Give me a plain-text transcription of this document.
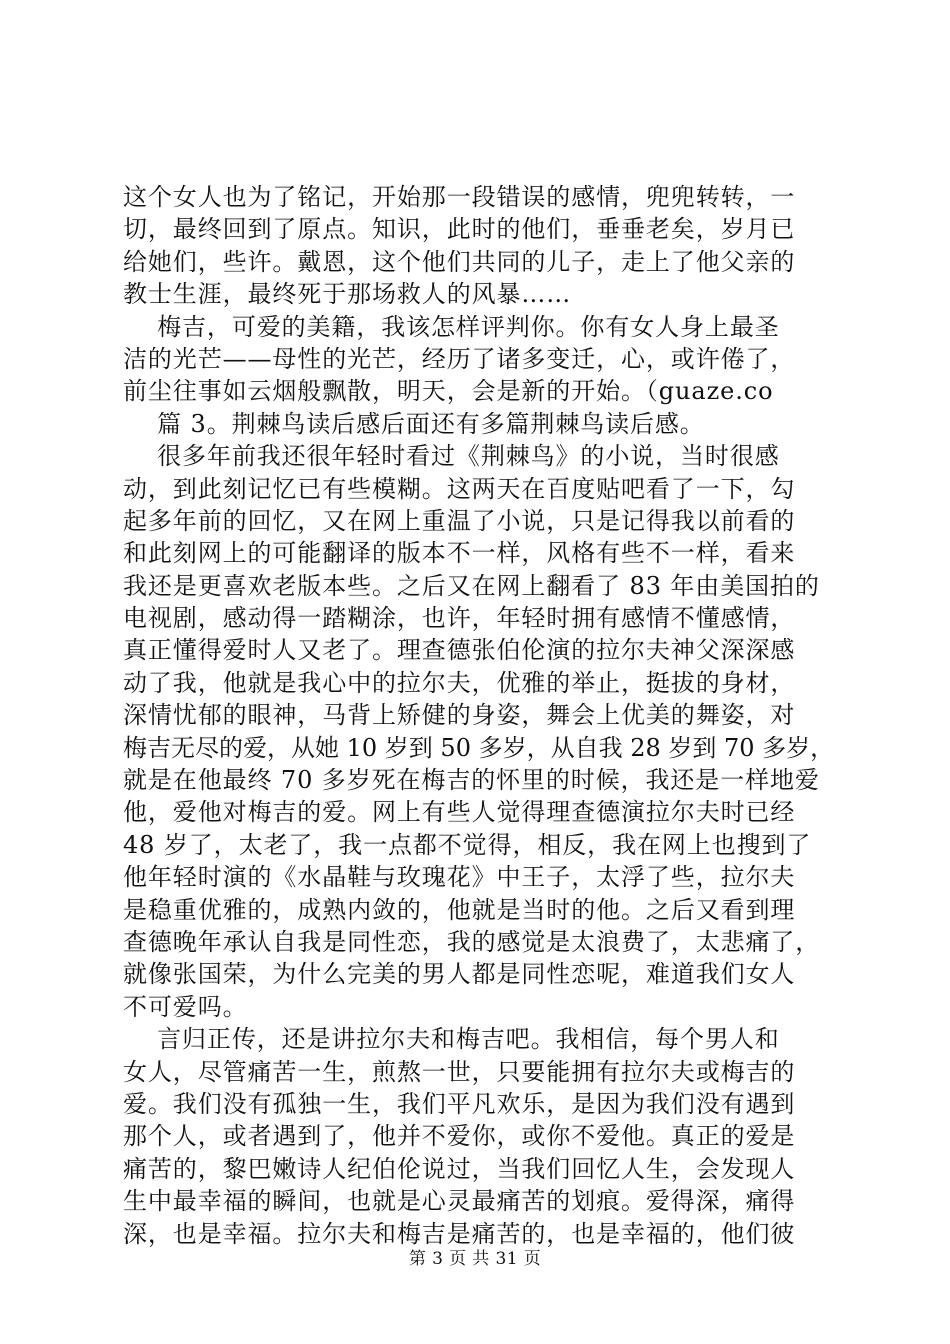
这个女人也为了铭记，开始那一段错误的感情，兜兜转转，一
切，最终回到了原点。知识，此时的他们，垂垂老矣，岁月已
给她们，些许。戴恩，这个他们共同的儿子，走上了他父亲的
教士生涯，最终死于那场救人的风暴……
梅吉，可爱的美籍，我该怎样评判你。你有女人身上最圣
洁的光芒——母性的光芒，经历了诸多变迁，心，或许倦了，
前尘往事如云烟般飘散，明天，会是新的开始。（guaze.co
篇 3。荆棘鸟读后感后面还有多篇荆棘鸟读后感。
很多年前我还很年轻时看过《荆棘鸟》的小说，当时很感
动，到此刻记忆已有些模糊。这两天在百度贴吧看了一下，勾
起多年前的回忆，又在网上重温了小说，只是记得我以前看的
和此刻网上的可能翻译的版本不一样，风格有些不一样，看来
我还是更喜欢老版本些。之后又在网上翻看了 83 年由美国拍的
电视剧，感动得一踏糊涂，也许，年轻时拥有感情不懂感情，
真正懂得爱时人又老了。理查德张伯伦演的拉尔夫神父深深感
动了我，他就是我心中的拉尔夫，优雅的举止，挺拔的身材，
深情忧郁的眼神，马背上矫健的身姿，舞会上优美的舞姿，对
梅吉无尽的爱，从她 10 岁到 50 多岁，从自我 28 岁到 70 多岁，
就是在他最终 70 多岁死在梅吉的怀里的时候，我还是一样地爱
他，爱他对梅吉的爱。网上有些人觉得理查德演拉尔夫时已经
48 岁了，太老了，我一点都不觉得，相反，我在网上也搜到了
他年轻时演的《水晶鞋与玫瑰花》中王子，太浮了些，拉尔夫
是稳重优雅的，成熟内敛的，他就是当时的他。之后又看到理
查德晚年承认自我是同性恋，我的感觉是太浪费了，太悲痛了，
就像张国荣，为什么完美的男人都是同性恋呢，难道我们女人
不可爱吗。
言归正传，还是讲拉尔夫和梅吉吧。我相信，每个男人和
女人，尽管痛苦一生，煎熬一世，只要能拥有拉尔夫或梅吉的
爱。我们没有孤独一生，我们平凡欢乐，是因为我们没有遇到
那个人，或者遇到了，他并不爱你，或你不爱他。真正的爱是
痛苦的，黎巴嫩诗人纪伯伦说过，当我们回忆人生，会发现人
生中最幸福的瞬间，也就是心灵最痛苦的划痕。爱得深，痛得
深，也是幸福。拉尔夫和梅吉是痛苦的，也是幸福的，他们彼
第 3 页 共 31 页
